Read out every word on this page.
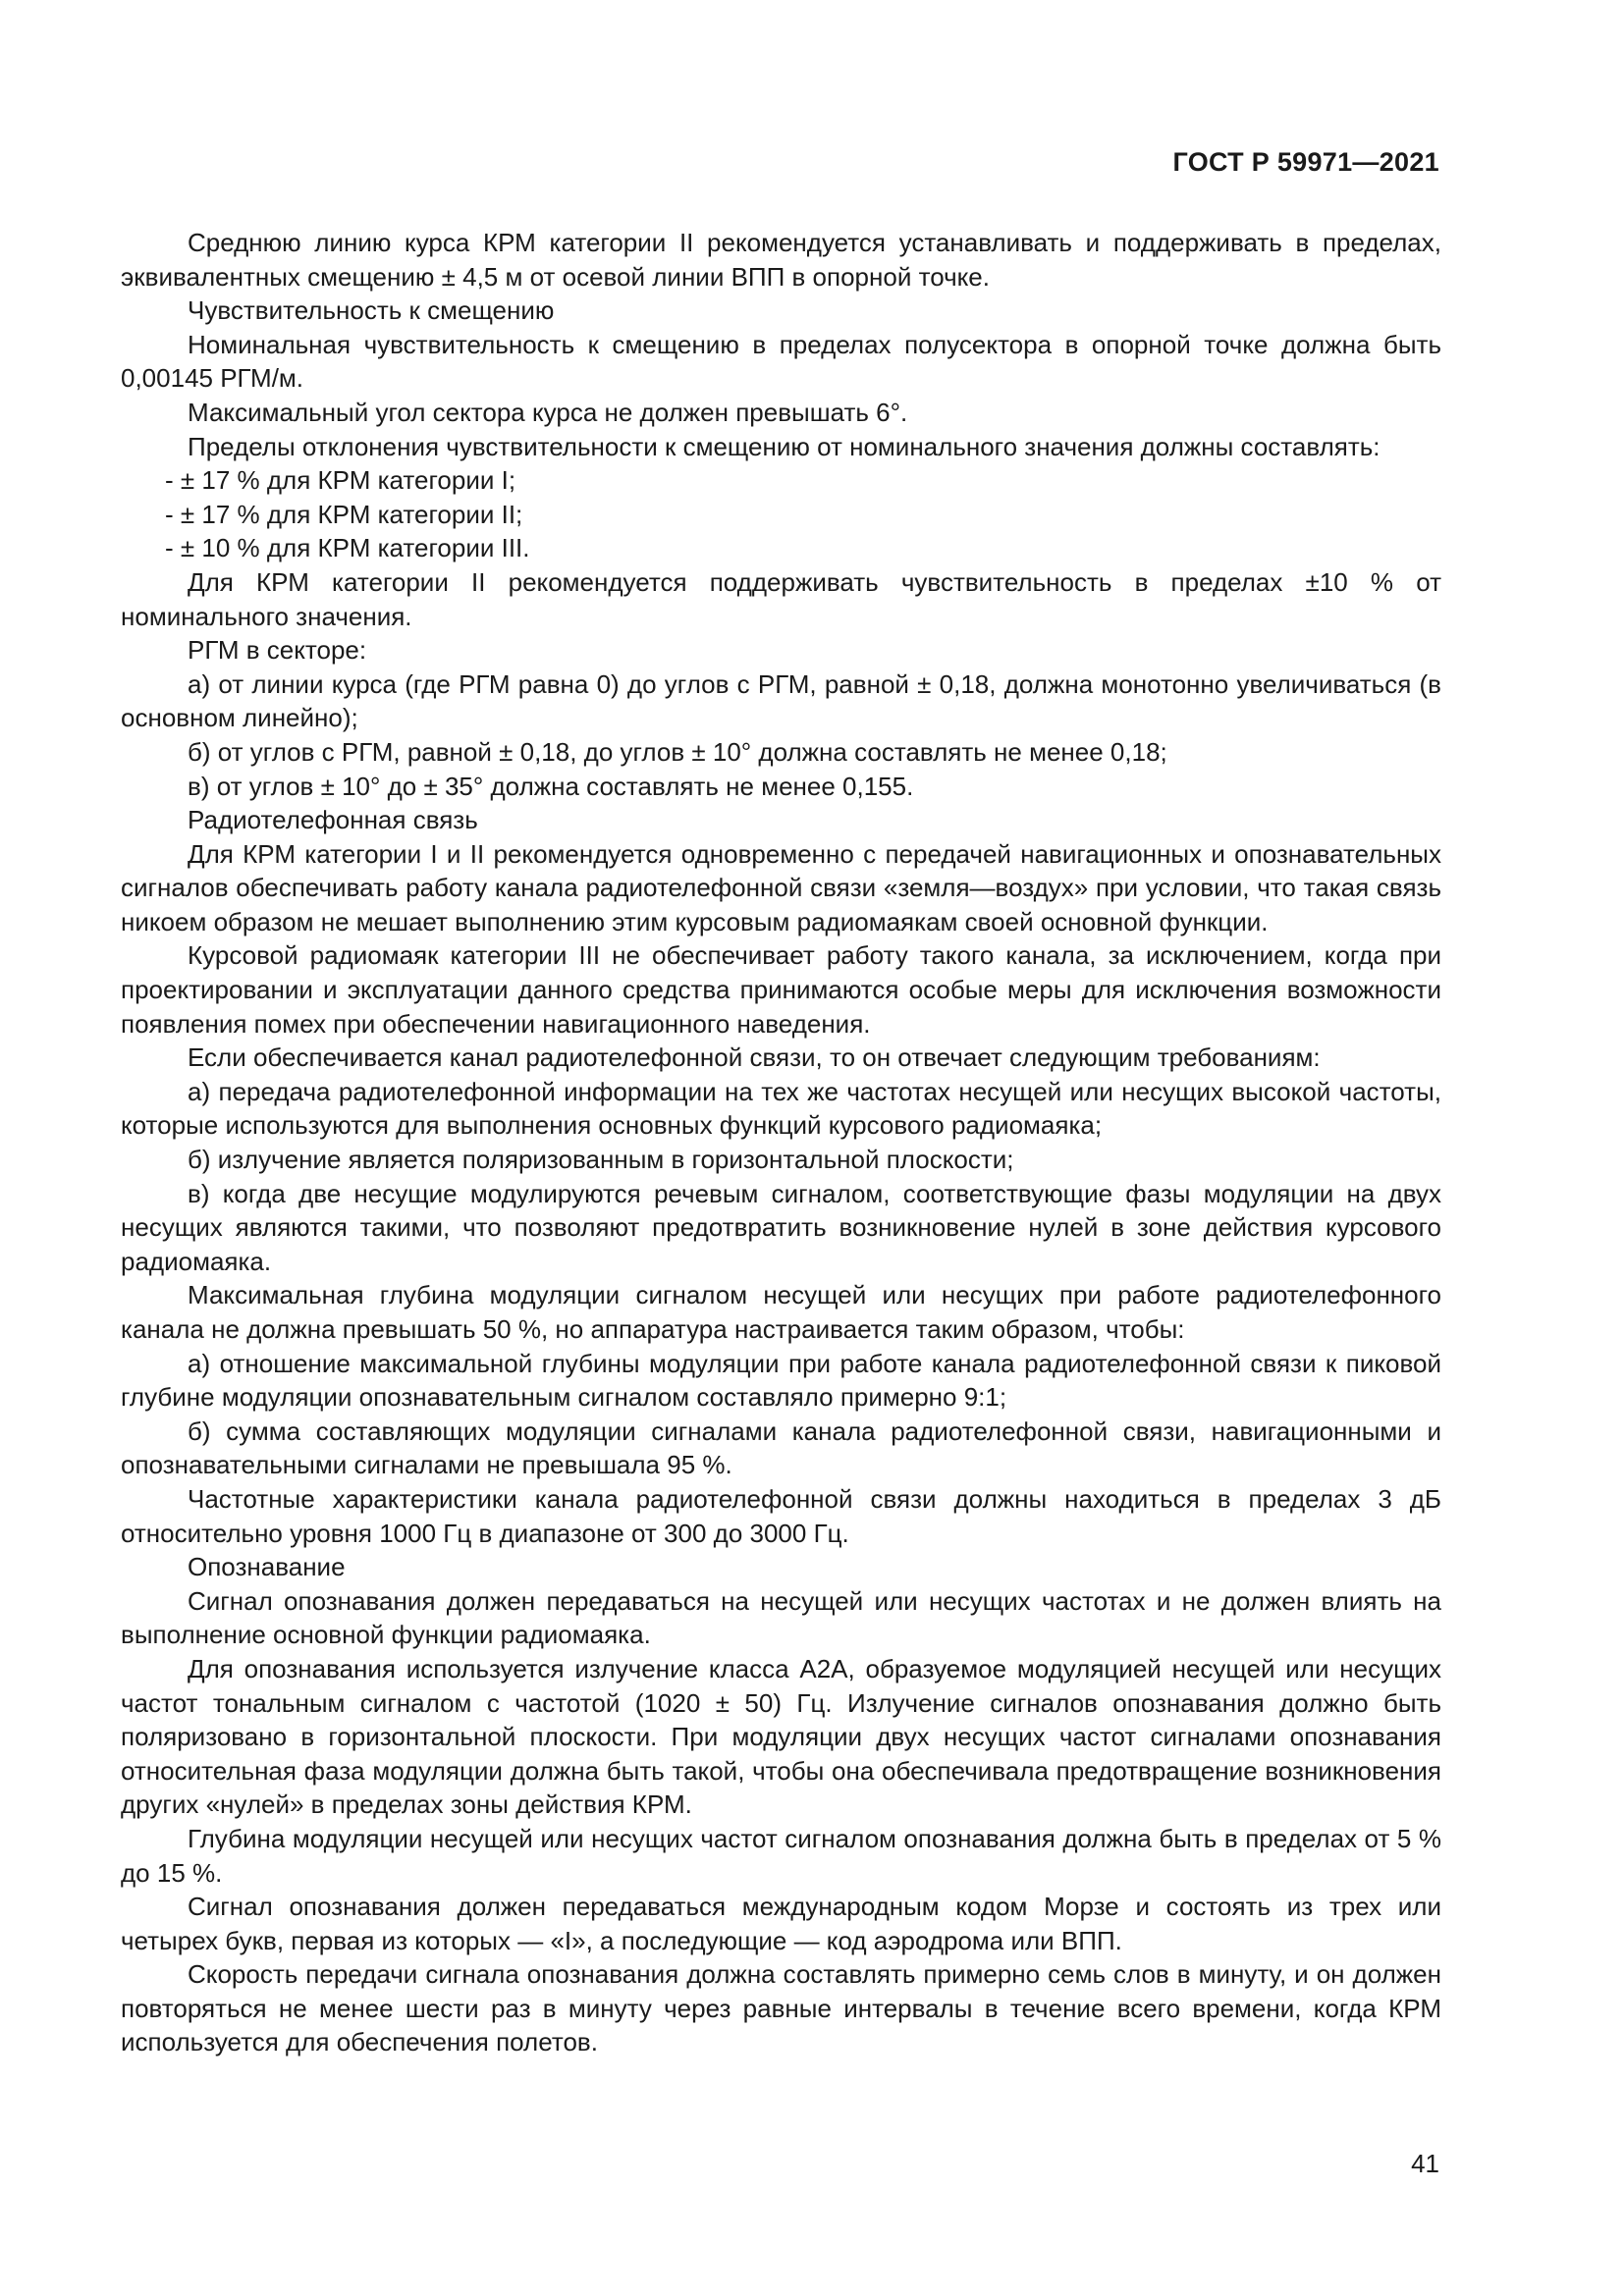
ГОСТ Р 59971—2021

Среднюю линию курса КРМ категории II рекомендуется устанавливать и поддерживать в пределах, эквивалентных смещению ± 4,5 м от осевой линии ВПП в опорной точке.

Чувствительность к смещению

Номинальная чувствительность к смещению в пределах полусектора в опорной точке должна быть 0,00145 РГМ/м.

Максимальный угол сектора курса не должен превышать 6°.

Пределы отклонения чувствительности к смещению от номинального значения должны составлять:

- ± 17 % для КРМ категории I;

- ± 17 % для КРМ категории II;

- ± 10 % для КРМ категории III.

Для КРМ категории II рекомендуется поддерживать чувствительность в пределах ±10 % от номинального значения.

РГМ в секторе:

а) от линии курса (где РГМ равна 0) до углов с РГМ, равной ± 0,18, должна монотонно увеличиваться (в основном линейно);

б) от углов с РГМ, равной ± 0,18, до углов ± 10° должна составлять не менее 0,18;

в) от углов ± 10° до ± 35° должна составлять не менее 0,155.

Радиотелефонная связь

Для КРМ категории I и II рекомендуется одновременно с передачей навигационных и опознавательных сигналов обеспечивать работу канала радиотелефонной связи «земля—воздух» при условии, что такая связь никоем образом не мешает выполнению этим курсовым радиомаякам своей основной функции.

Курсовой радиомаяк категории III не обеспечивает работу такого канала, за исключением, когда при проектировании и эксплуатации данного средства принимаются особые меры для исключения возможности появления помех при обеспечении навигационного наведения.

Если обеспечивается канал радиотелефонной связи, то он отвечает следующим требованиям:

а) передача радиотелефонной информации на тех же частотах несущей или несущих высокой частоты, которые используются для выполнения основных функций курсового радиомаяка;

б) излучение является поляризованным в горизонтальной плоскости;

в) когда две несущие модулируются речевым сигналом, соответствующие фазы модуляции на двух несущих являются такими, что позволяют предотвратить возникновение нулей в зоне действия курсового радиомаяка.

Максимальная глубина модуляции сигналом несущей или несущих при работе радиотелефонного канала не должна превышать 50 %, но аппаратура настраивается таким образом, чтобы:

а) отношение максимальной глубины модуляции при работе канала радиотелефонной связи к пиковой глубине модуляции опознавательным сигналом составляло примерно 9:1;

б) сумма составляющих модуляции сигналами канала радиотелефонной связи, навигационными и опознавательными сигналами не превышала 95 %.

Частотные характеристики канала радиотелефонной связи должны находиться в пределах 3 дБ относительно уровня 1000 Гц в диапазоне от 300 до 3000 Гц.

Опознавание

Сигнал опознавания должен передаваться на несущей или несущих частотах и не должен влиять на выполнение основной функции радиомаяка.

Для опознавания используется излучение класса А2А, образуемое модуляцией несущей или несущих частот тональным сигналом с частотой (1020 ± 50) Гц. Излучение сигналов опознавания должно быть поляризовано в горизонтальной плоскости. При модуляции двух несущих частот сигналами опознавания относительная фаза модуляции должна быть такой, чтобы она обеспечивала предотвращение возникновения других «нулей» в пределах зоны действия КРМ.

Глубина модуляции несущей или несущих частот сигналом опознавания должна быть в пределах от 5 % до 15 %.

Сигнал опознавания должен передаваться международным кодом Морзе и состоять из трех или четырех букв, первая из которых — «I», а последующие — код аэродрома или ВПП.

Скорость передачи сигнала опознавания должна составлять примерно семь слов в минуту, и он должен повторяться не менее шести раз в минуту через равные интервалы в течение всего времени, когда КРМ используется для обеспечения полетов.

41
